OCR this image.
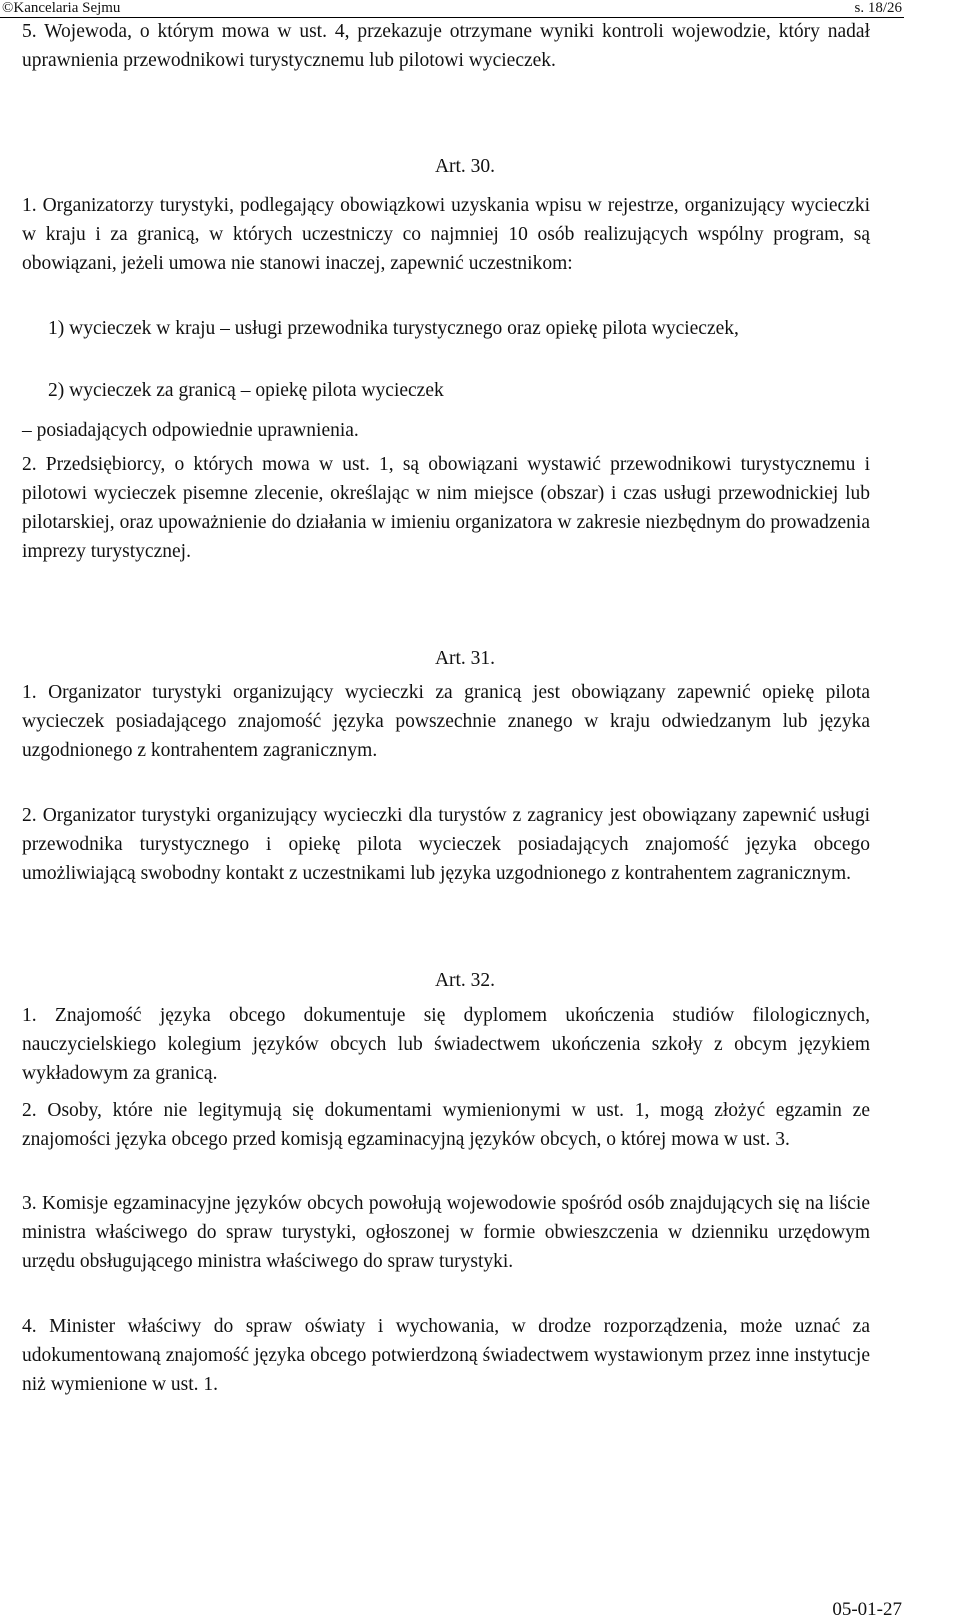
©Kancelaria Sejmu	s. 18/26
5. Wojewoda, o którym mowa w ust. 4, przekazuje otrzymane wyniki kontroli wojewodzie, który nadał uprawnienia przewodnikowi turystycznemu lub pilotowi wycieczek.
Art. 30.
1. Organizatorzy turystyki, podlegający obowiązkowi uzyskania wpisu w rejestrze, organizujący wycieczki w kraju i za granicą, w których uczestniczy co najmniej 10 osób realizujących wspólny program, są obowiązani, jeżeli umowa nie stanowi inaczej, zapewnić uczestnikom:
1) wycieczek w kraju – usługi przewodnika turystycznego oraz opiekę pilota wycieczek,
2) wycieczek za granicą – opiekę pilota wycieczek
– posiadających odpowiednie uprawnienia.
2. Przedsiębiorcy, o których mowa w ust. 1, są obowiązani wystawić przewodnikowi turystycznemu i pilotowi wycieczek pisemne zlecenie, określając w nim miejsce (obszar) i czas usługi przewodnickiej lub pilotarskiej, oraz upoważnienie do działania w imieniu organizatora w zakresie niezbędnym do prowadzenia imprezy turystycznej.
Art. 31.
1. Organizator turystyki organizujący wycieczki za granicą jest obowiązany zapewnić opiekę pilota wycieczek posiadającego znajomość języka powszechnie znanego w kraju odwiedzanym lub języka uzgodnionego z kontrahentem zagranicznym.
2. Organizator turystyki organizujący wycieczki dla turystów z zagranicy jest obowiązany zapewnić usługi przewodnika turystycznego i opiekę pilota wycieczek posiadających znajomość języka obcego umożliwiającą swobodny kontakt z uczestnikami lub języka uzgodnionego z kontrahentem zagranicznym.
Art. 32.
1. Znajomość języka obcego dokumentuje się dyplomem ukończenia studiów filologicznych, nauczycielskiego kolegium języków obcych lub świadectwem ukończenia szkoły z obcym językiem wykładowym za granicą.
2. Osoby, które nie legitymują się dokumentami wymienionymi w ust. 1, mogą złożyć egzamin ze znajomości języka obcego przed komisją egzaminacyjną języków obcych, o której mowa w ust. 3.
3. Komisje egzaminacyjne języków obcych powołują wojewodowie spośród osób znajdujących się na liście ministra właściwego do spraw turystyki, ogłoszonej w formie obwieszczenia w dzienniku urzędowym urzędu obsługującego ministra właściwego do spraw turystyki.
4. Minister właściwy do spraw oświaty i wychowania, w drodze rozporządzenia, może uznać za udokumentowaną znajomość języka obcego potwierdzoną świadectwem wystawionym przez inne instytucje niż wymienione w ust. 1.
05-01-27
